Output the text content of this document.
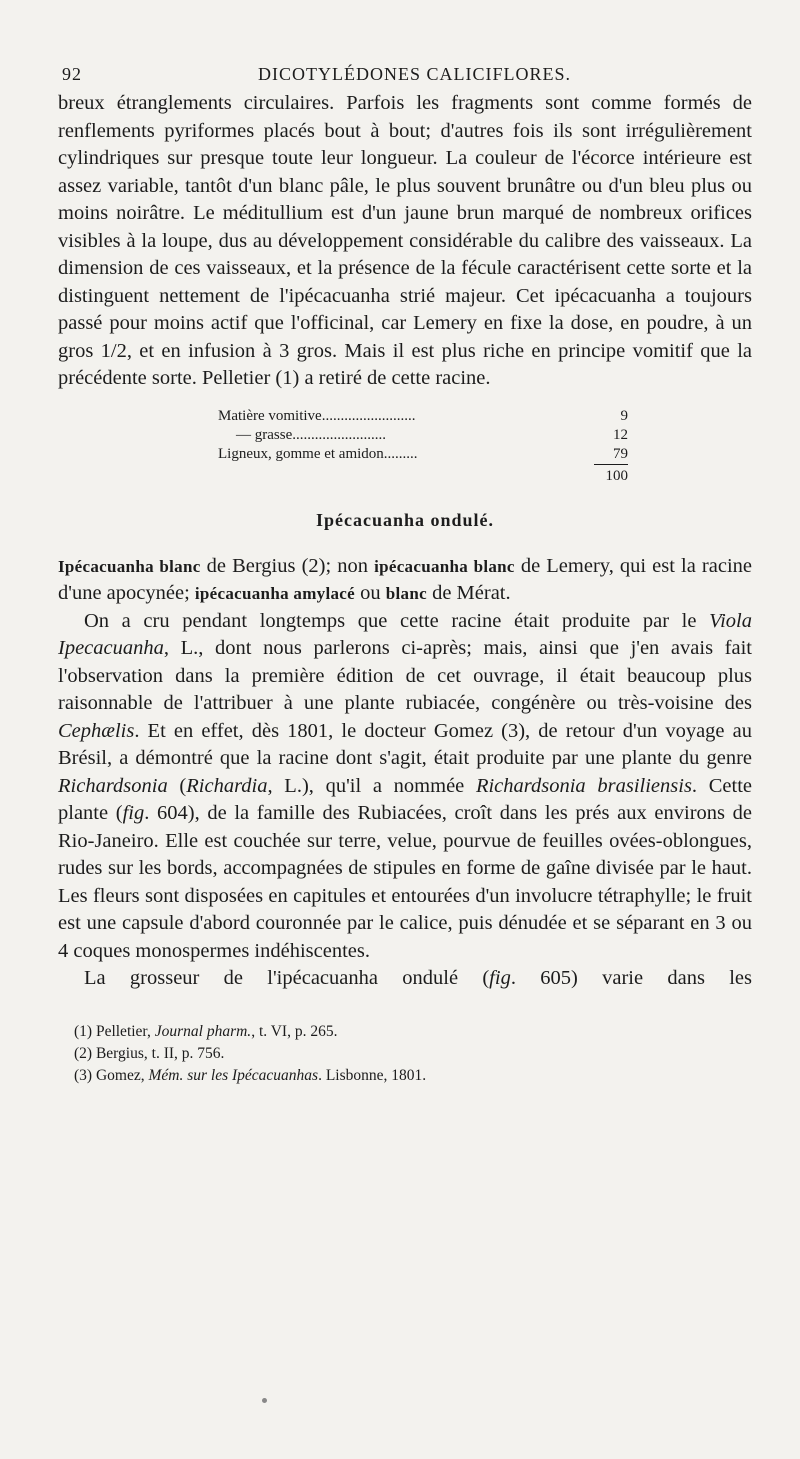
92	DICOTYLÉDONES CALICIFLORES.

breux étranglements circulaires. Parfois les fragments sont comme formés de renflements pyriformes placés bout à bout; d'autres fois ils sont irrégulièrement cylindriques sur presque toute leur longueur. La couleur de l'écorce intérieure est assez variable, tantôt d'un blanc pâle, le plus souvent brunâtre ou d'un bleu plus ou moins noirâtre. Le méditullium est d'un jaune brun marqué de nombreux orifices visibles à la loupe, dus au développement considérable du calibre des vaisseaux. La dimension de ces vaisseaux, et la présence de la fécule caractérisent cette sorte et la distinguent nettement de l'ipécacuanha strié majeur. Cet ipécacuanha a toujours passé pour moins actif que l'officinal, car Lemery en fixe la dose, en poudre, à un gros 1/2, et en infusion à 3 gros. Mais il est plus riche en principe vomitif que la précédente sorte. Pelletier (1) a retiré de cette racine.

Matière vomitive.........................	9
— grasse.........................	12
Ligneux, gomme et amidon.........	79
	100
Ipécacuanha ondulé.

Ipécacuanha blanc de Bergius (2); non ipécacuanha blanc de Lemery, qui est la racine d'une apocynée; ipécacuanha amylacé ou blanc de Mérat.

On a cru pendant longtemps que cette racine était produite par le Viola Ipecacuanha, L., dont nous parlerons ci-après; mais, ainsi que j'en avais fait l'observation dans la première édition de cet ouvrage, il était beaucoup plus raisonnable de l'attribuer à une plante rubiacée, congénère ou très-voisine des Cephælis. Et en effet, dès 1801, le docteur Gomez (3), de retour d'un voyage au Brésil, a démontré que la racine dont s'agit, était produite par une plante du genre Richardsonia (Richardia, L.), qu'il a nommée Richardsonia brasiliensis. Cette plante (fig. 604), de la famille des Rubiacées, croît dans les prés aux environs de Rio-Janeiro. Elle est couchée sur terre, velue, pourvue de feuilles ovées-oblongues, rudes sur les bords, accompagnées de stipules en forme de gaîne divisée par le haut. Les fleurs sont disposées en capitules et entourées d'un involucre tétraphylle; le fruit est une capsule d'abord couronnée par le calice, puis dénudée et se séparant en 3 ou 4 coques monospermes indéhiscentes.

La grosseur de l'ipécacuanha ondulé (fig. 605) varie dans les

(1) Pelletier, Journal pharm., t. VI, p. 265.
(2) Bergius, t. II, p. 756.
(3) Gomez, Mém. sur les Ipécacuanhas. Lisbonne, 1801.
